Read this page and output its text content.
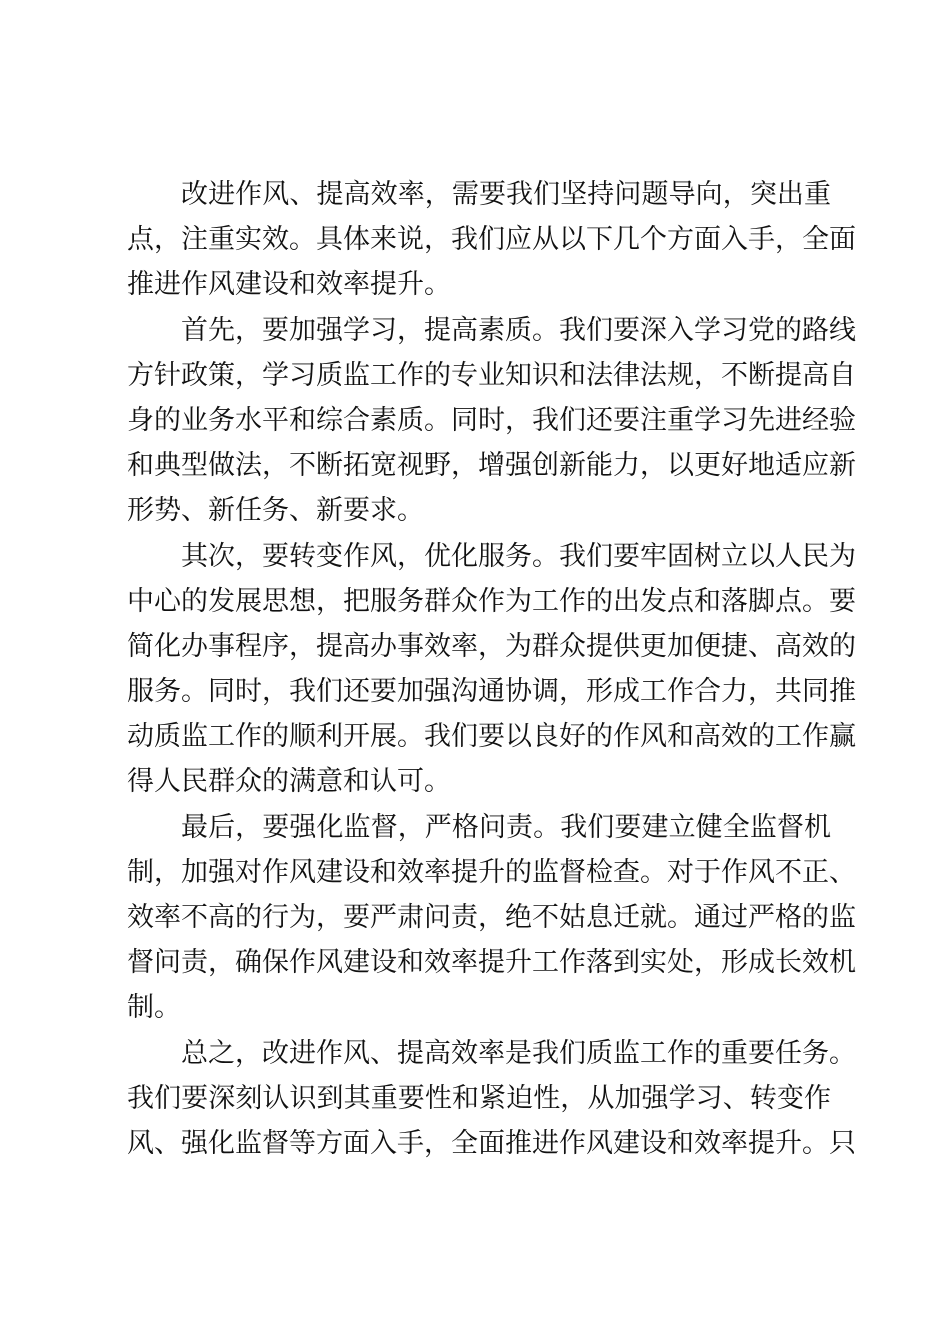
改进作风、提高效率，需要我们坚持问题导向，突出重
点，注重实效。具体来说，我们应从以下几个方面入手，全面
推进作风建设和效率提升。
首先，要加强学习，提高素质。我们要深入学习党的路线
方针政策，学习质监工作的专业知识和法律法规，不断提高自
身的业务水平和综合素质。同时，我们还要注重学习先进经验
和典型做法，不断拓宽视野，增强创新能力，以更好地适应新
形势、新任务、新要求。
其次，要转变作风，优化服务。我们要牢固树立以人民为
中心的发展思想，把服务群众作为工作的出发点和落脚点。要
简化办事程序，提高办事效率，为群众提供更加便捷、高效的
服务。同时，我们还要加强沟通协调，形成工作合力，共同推
动质监工作的顺利开展。我们要以良好的作风和高效的工作赢
得人民群众的满意和认可。
最后，要强化监督，严格问责。我们要建立健全监督机
制，加强对作风建设和效率提升的监督检查。对于作风不正、
效率不高的行为，要严肃问责，绝不姑息迁就。通过严格的监
督问责，确保作风建设和效率提升工作落到实处，形成长效机
制。
总之，改进作风、提高效率是我们质监工作的重要任务。
我们要深刻认识到其重要性和紧迫性，从加强学习、转变作
风、强化监督等方面入手，全面推进作风建设和效率提升。只
